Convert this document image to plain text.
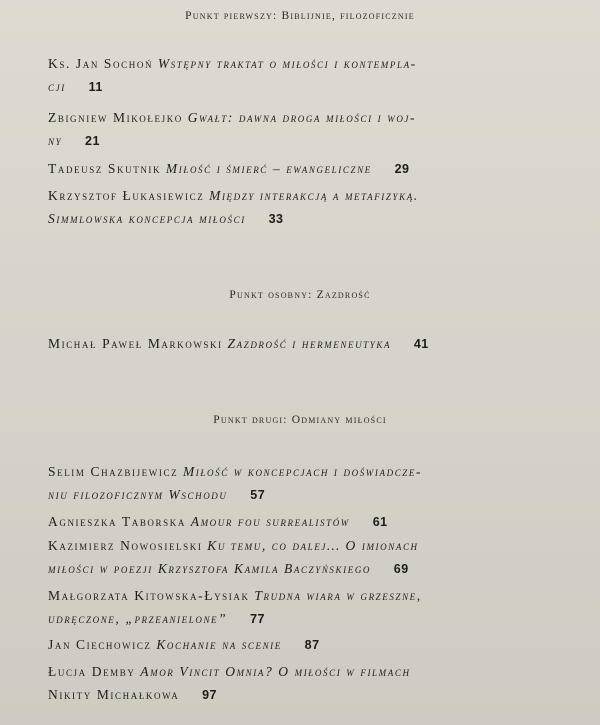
Punkt pierwszy: Biblijnie, filozoficznie
Ks. Jan Sochoń Wstępny traktat o miłości i kontempla-
cji 11
Zbigniew Mikołejko Gwałt: dawna droga miłości i woj-
ny 21
Tadeusz Skutnik Miłość i śmierć – ewangeliczne 29
Krzysztof Łukasiewicz Między interakcją a metafizyką.
Simmlowska koncepcja miłości 33
Punkt osobny: Zazdrość
Michał Paweł Markowski Zazdrość i hermeneutyka 41
Punkt drugi: Odmiany miłości
Selim Chazbijewicz Miłość w koncepcjach i doświadcze-
niu filozoficznym Wschodu 57
Agnieszka Taborska Amour fou surrealistów 61
Kazimierz Nowosielski Ku temu, co dalej… O imionach
miłości w poezji Krzysztofa Kamila Baczyńskiego 69
Małgorzata Kitowska-Łysiak Trudna wiara w grzeszne,
udręczone, „przeanielone” 77
Jan Ciechowicz Kochanie na scenie 87
Łucja Demby Amor Vincit Omnia? O miłości w filmach
Nikity Michałkowa 97
